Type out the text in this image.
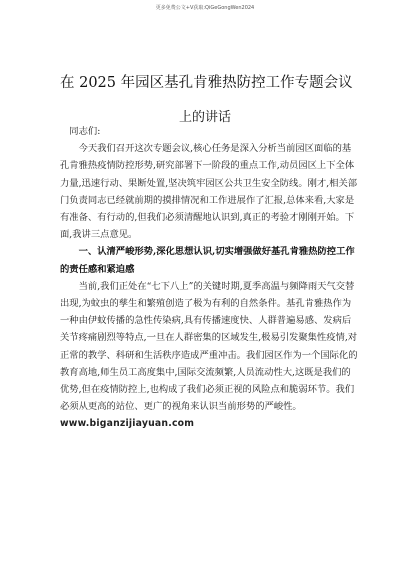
更多免费公文+V获取:QiGeGongWen2024
在 2025 年园区基孔肯雅热防控工作专题会议
上的讲话

同志们:

今天我们召开这次专题会议,核心任务是深入分析当前园区面临的基孔肯雅热疫情防控形势,研究部署下一阶段的重点工作,动员园区上下全体力量,迅速行动、果断处置,坚决筑牢园区公共卫生安全防线。刚才,相关部门负责同志已经就前期的摸排情况和工作进展作了汇报,总体来看,大家是有准备、有行动的,但我们必须清醒地认识到,真正的考验才刚刚开始。下面,我讲三点意见。

一、认清严峻形势,深化思想认识,切实增强做好基孔肯雅热防控工作的责任感和紧迫感

当前,我们正处在“七下八上”的关键时期,夏季高温与频降雨天气交替出现,为蚊虫的孳生和繁殖创造了极为有利的自然条件。基孔肯雅热作为一种由伊蚊传播的急性传染病,具有传播速度快、人群普遍易感、发病后关节疼痛剧烈等特点,一旦在人群密集的区域发生,极易引发聚集性疫情,对正常的教学、科研和生活秩序造成严重冲击。我们园区作为一个国际化的教育高地,师生员工高度集中,国际交流频繁,人员流动性大,这既是我们的优势,但在疫情防控上,也构成了我们必须正视的风险点和脆弱环节。我们必须从更高的站位、更广的视角来认识当前形势的严峻性。 www.biganzijiayuan.com
